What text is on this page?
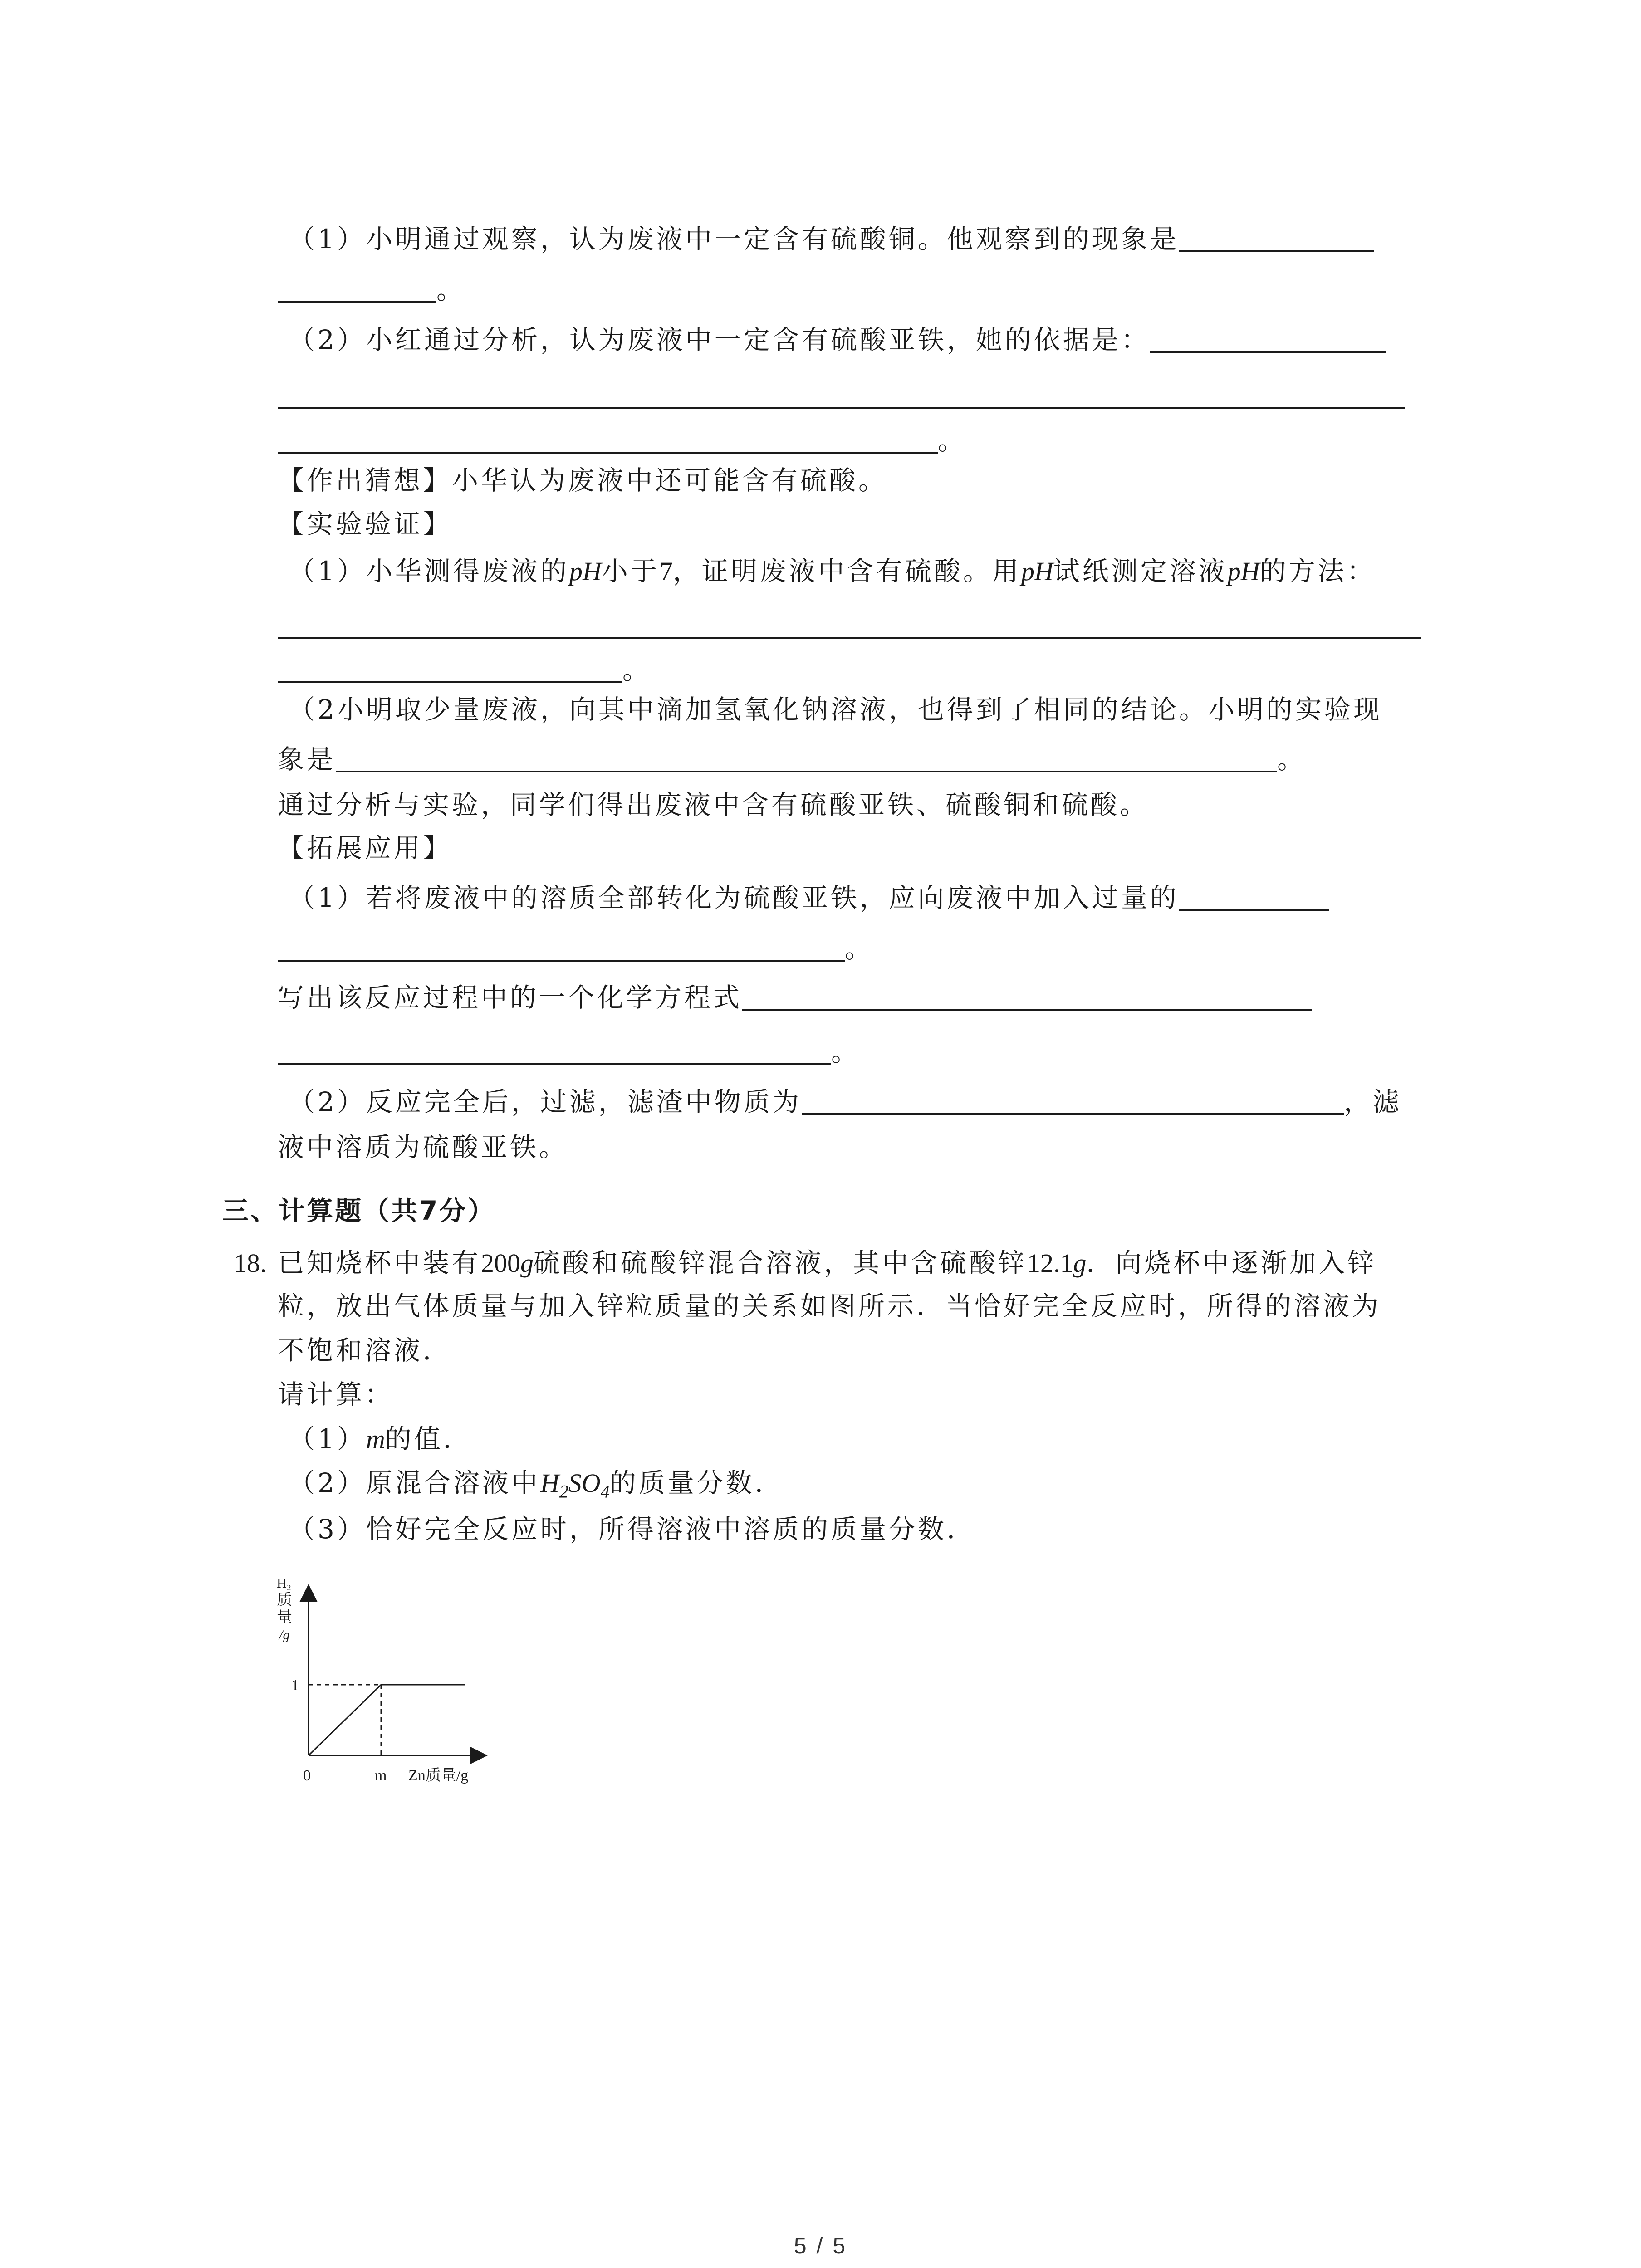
（1）小明通过观察，认为废液中一定含有硫酸铜。他观察到的现象是
。
（2）小红通过分析，认为废液中一定含有硫酸亚铁，她的依据是：
。
【作出猜想】小华认为废液中还可能含有硫酸。
【实验验证】
（1）小华测得废液的pH小于7，证明废液中含有硫酸。用pH试纸测定溶液pH的方法：
。
（2小明取少量废液，向其中滴加氢氧化钠溶液，也得到了相同的结论。小明的实验现
象是	。
通过分析与实验，同学们得出废液中含有硫酸亚铁、硫酸铜和硫酸。
【拓展应用】
（1）若将废液中的溶质全部转化为硫酸亚铁，应向废液中加入过量的
。
写出该反应过程中的一个化学方程式
。
（2）反应完全后，过滤，滤渣中物质为	，滤
液中溶质为硫酸亚铁。
三、计算题（共7分）
18. 已知烧杯中装有200g硫酸和硫酸锌混合溶液，其中含硫酸锌12.1g．向烧杯中逐渐加入锌
粒，放出气体质量与加入锌粒质量的关系如图所示．当恰好完全反应时，所得的溶液为
不饱和溶液．
请计算：
（1）m的值．
（2）原混合溶液中$H_2SO_4$的质量分数．
（3）恰好完全反应时，所得溶液中溶质的质量分数．
H₂
质
量
/g
1
0	m Zn质量/g
5 / 5
